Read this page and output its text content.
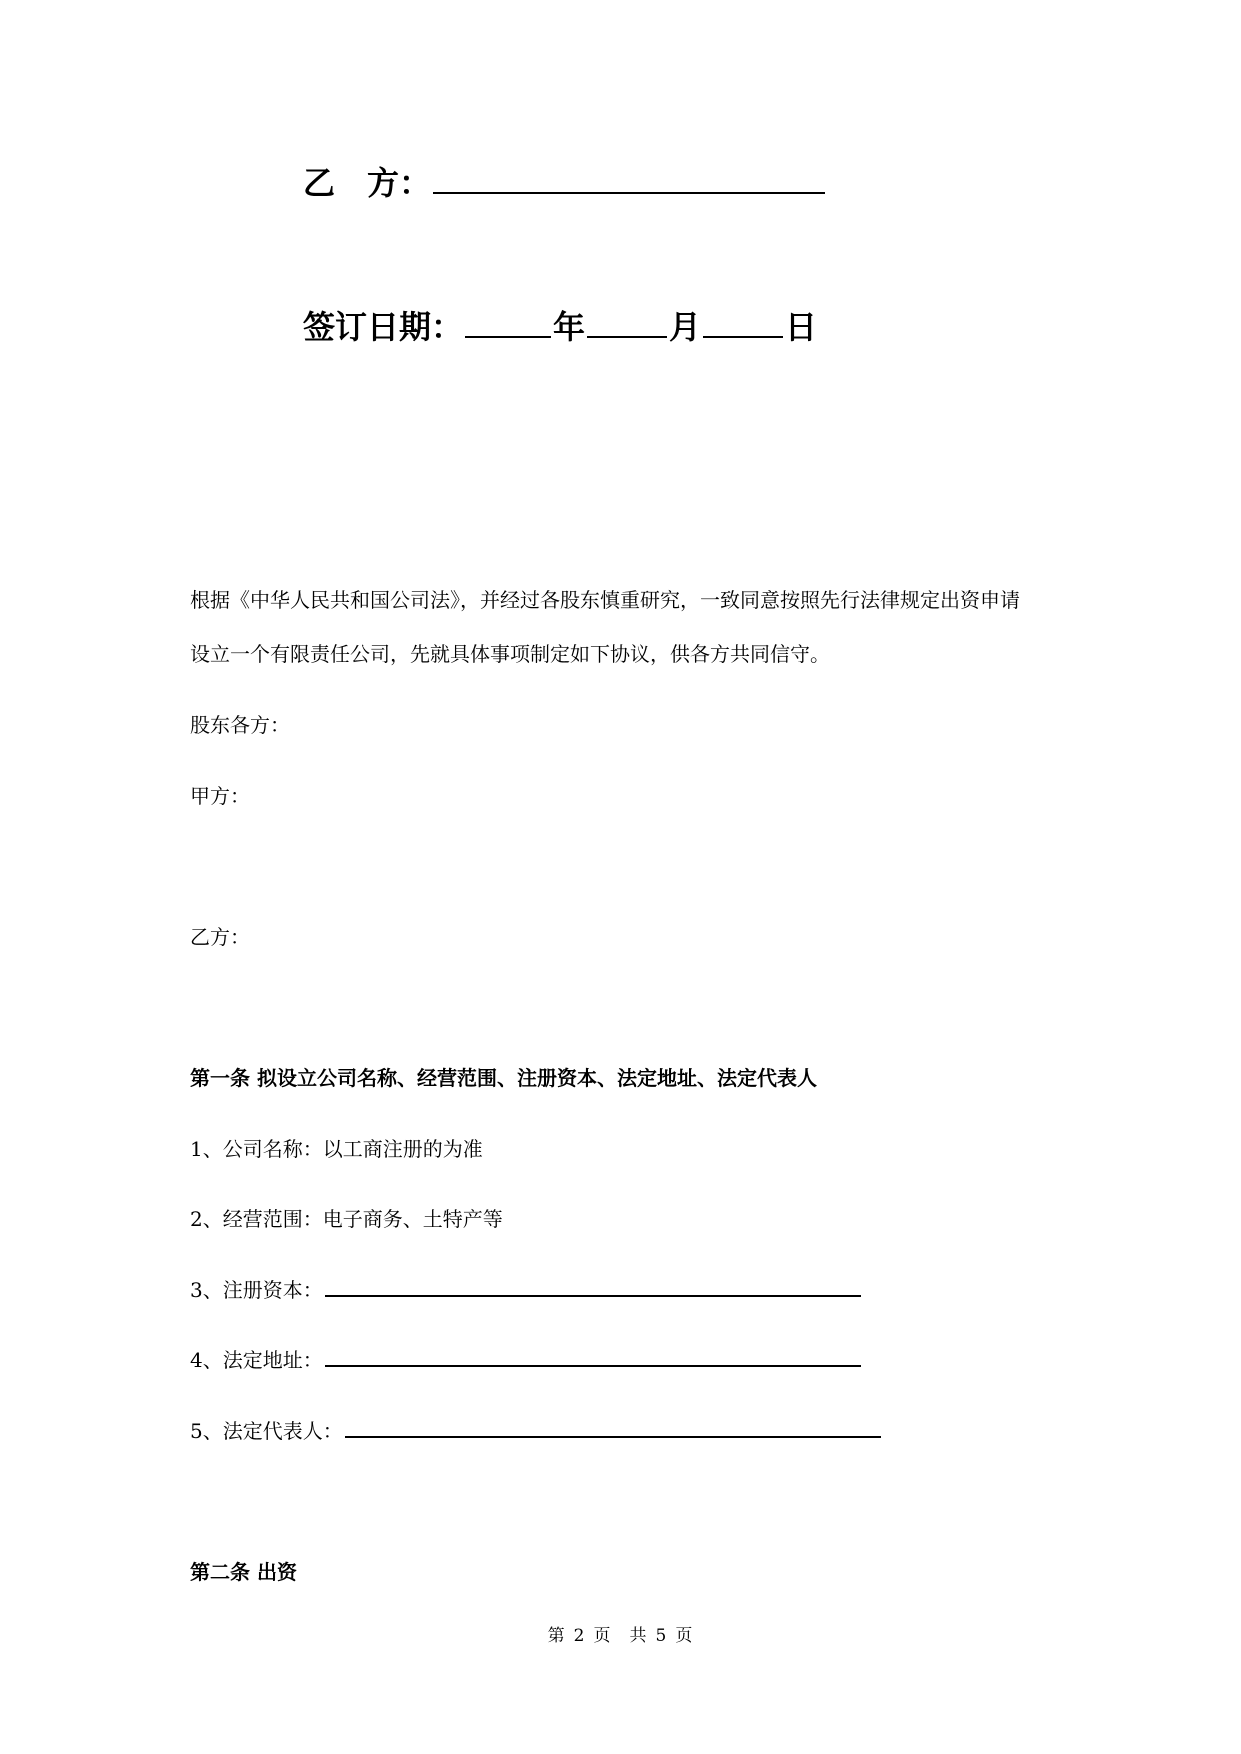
乙　方：
签订日期：	年	月	日
根据《中华人民共和国公司法》，并经过各股东慎重研究，一致同意按照先行法律规定出资申请
设立一个有限责任公司，先就具体事项制定如下协议，供各方共同信守。
股东各方：
甲方：
乙方：
第一条 拟设立公司名称、经营范围、注册资本、法定地址、法定代表人
1、公司名称：以工商注册的为准
2、经营范围：电子商务、土特产等
3、注册资本：
4、法定地址：
5、法定代表人：
第二条 出资
第 2 页　共 5 页
